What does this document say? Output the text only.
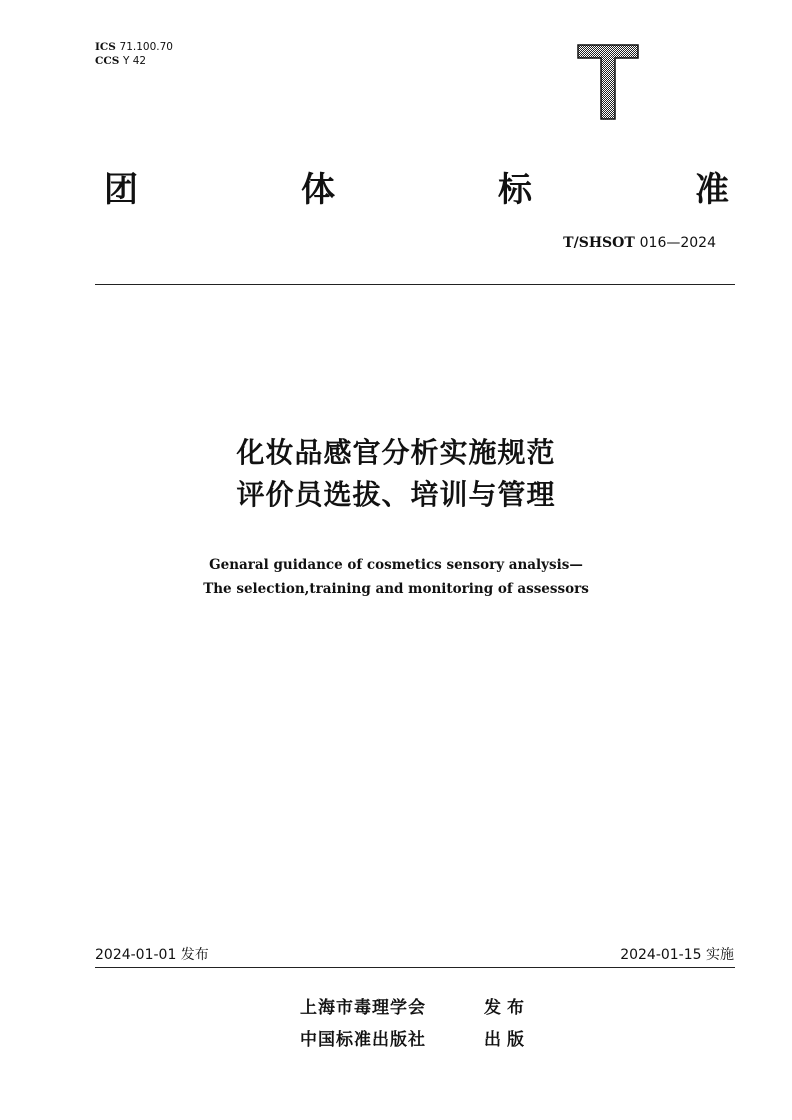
ICS 71.100.70
CCS Y 42
团	体	标	准
T/SHSOT 016—2024
化妆品感官分析实施规范
评价员选拔、培训与管理
Genaral guidance of cosmetics sensory analysis—
The selection,training and monitoring of assessors
2024-01-01 发布	2024-01-15 实施
上海市毒理学会	发布
中国标准出版社	出版
